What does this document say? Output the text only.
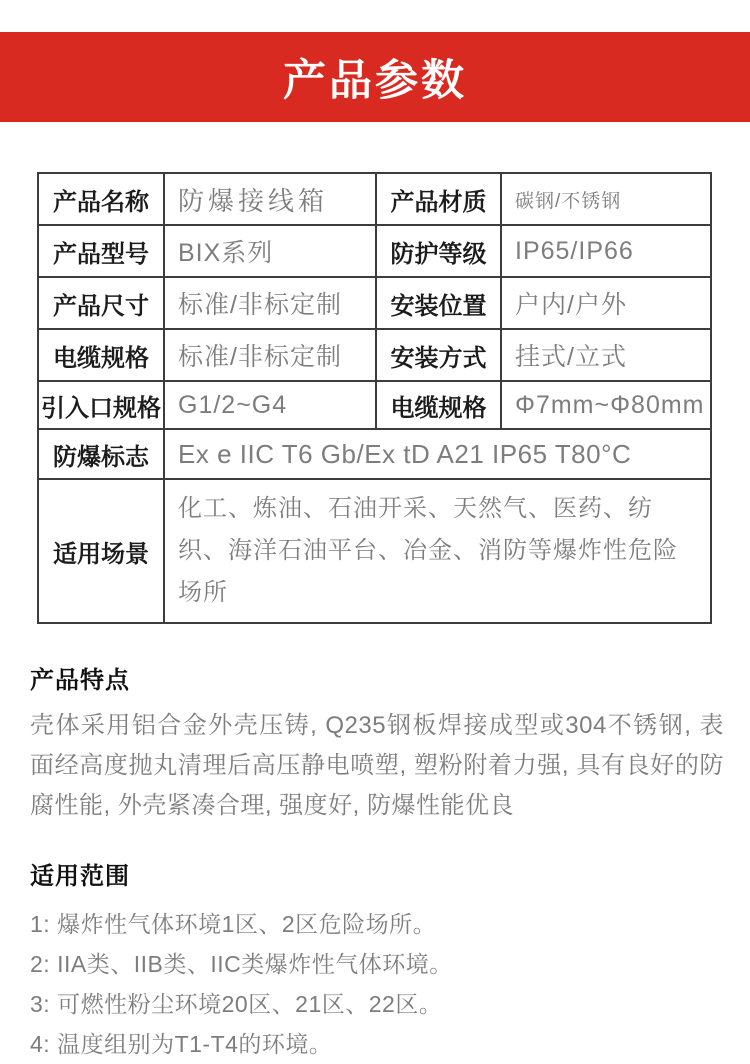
产品参数
产品名称	防爆接线箱	产品材质	碳钢/不锈钢
产品型号	BIX系列	防护等级	IP65/IP66
产品尺寸	标准/非标定制	安装位置	户内/户外
电缆规格	标准/非标定制	安装方式	挂式/立式
引入口规格	G1/2~G4	电缆规格	Φ7mm~Φ80mm
防爆标志	Ex e IIC T6 Gb/Ex tD A21 IP65 T80°C		
适用场景	化工、炼油、石油开采、天然气、医药、纺织、海洋石油平台、冶金、消防等爆炸性危险场所		
产品特点

壳体采用铝合金外壳压铸, Q235钢板焊接成型或304不锈钢, 表面经高度抛丸清理后高压静电喷塑, 塑粉附着力强, 具有良好的防腐性能, 外壳紧凑合理, 强度好, 防爆性能优良

适用范围
1: 爆炸性气体环境1区、2区危险场所。
2: IIA类、IIB类、IIC类爆炸性气体环境。
3: 可燃性粉尘环境20区、21区、22区。
4: 温度组别为T1-T4的环境。
